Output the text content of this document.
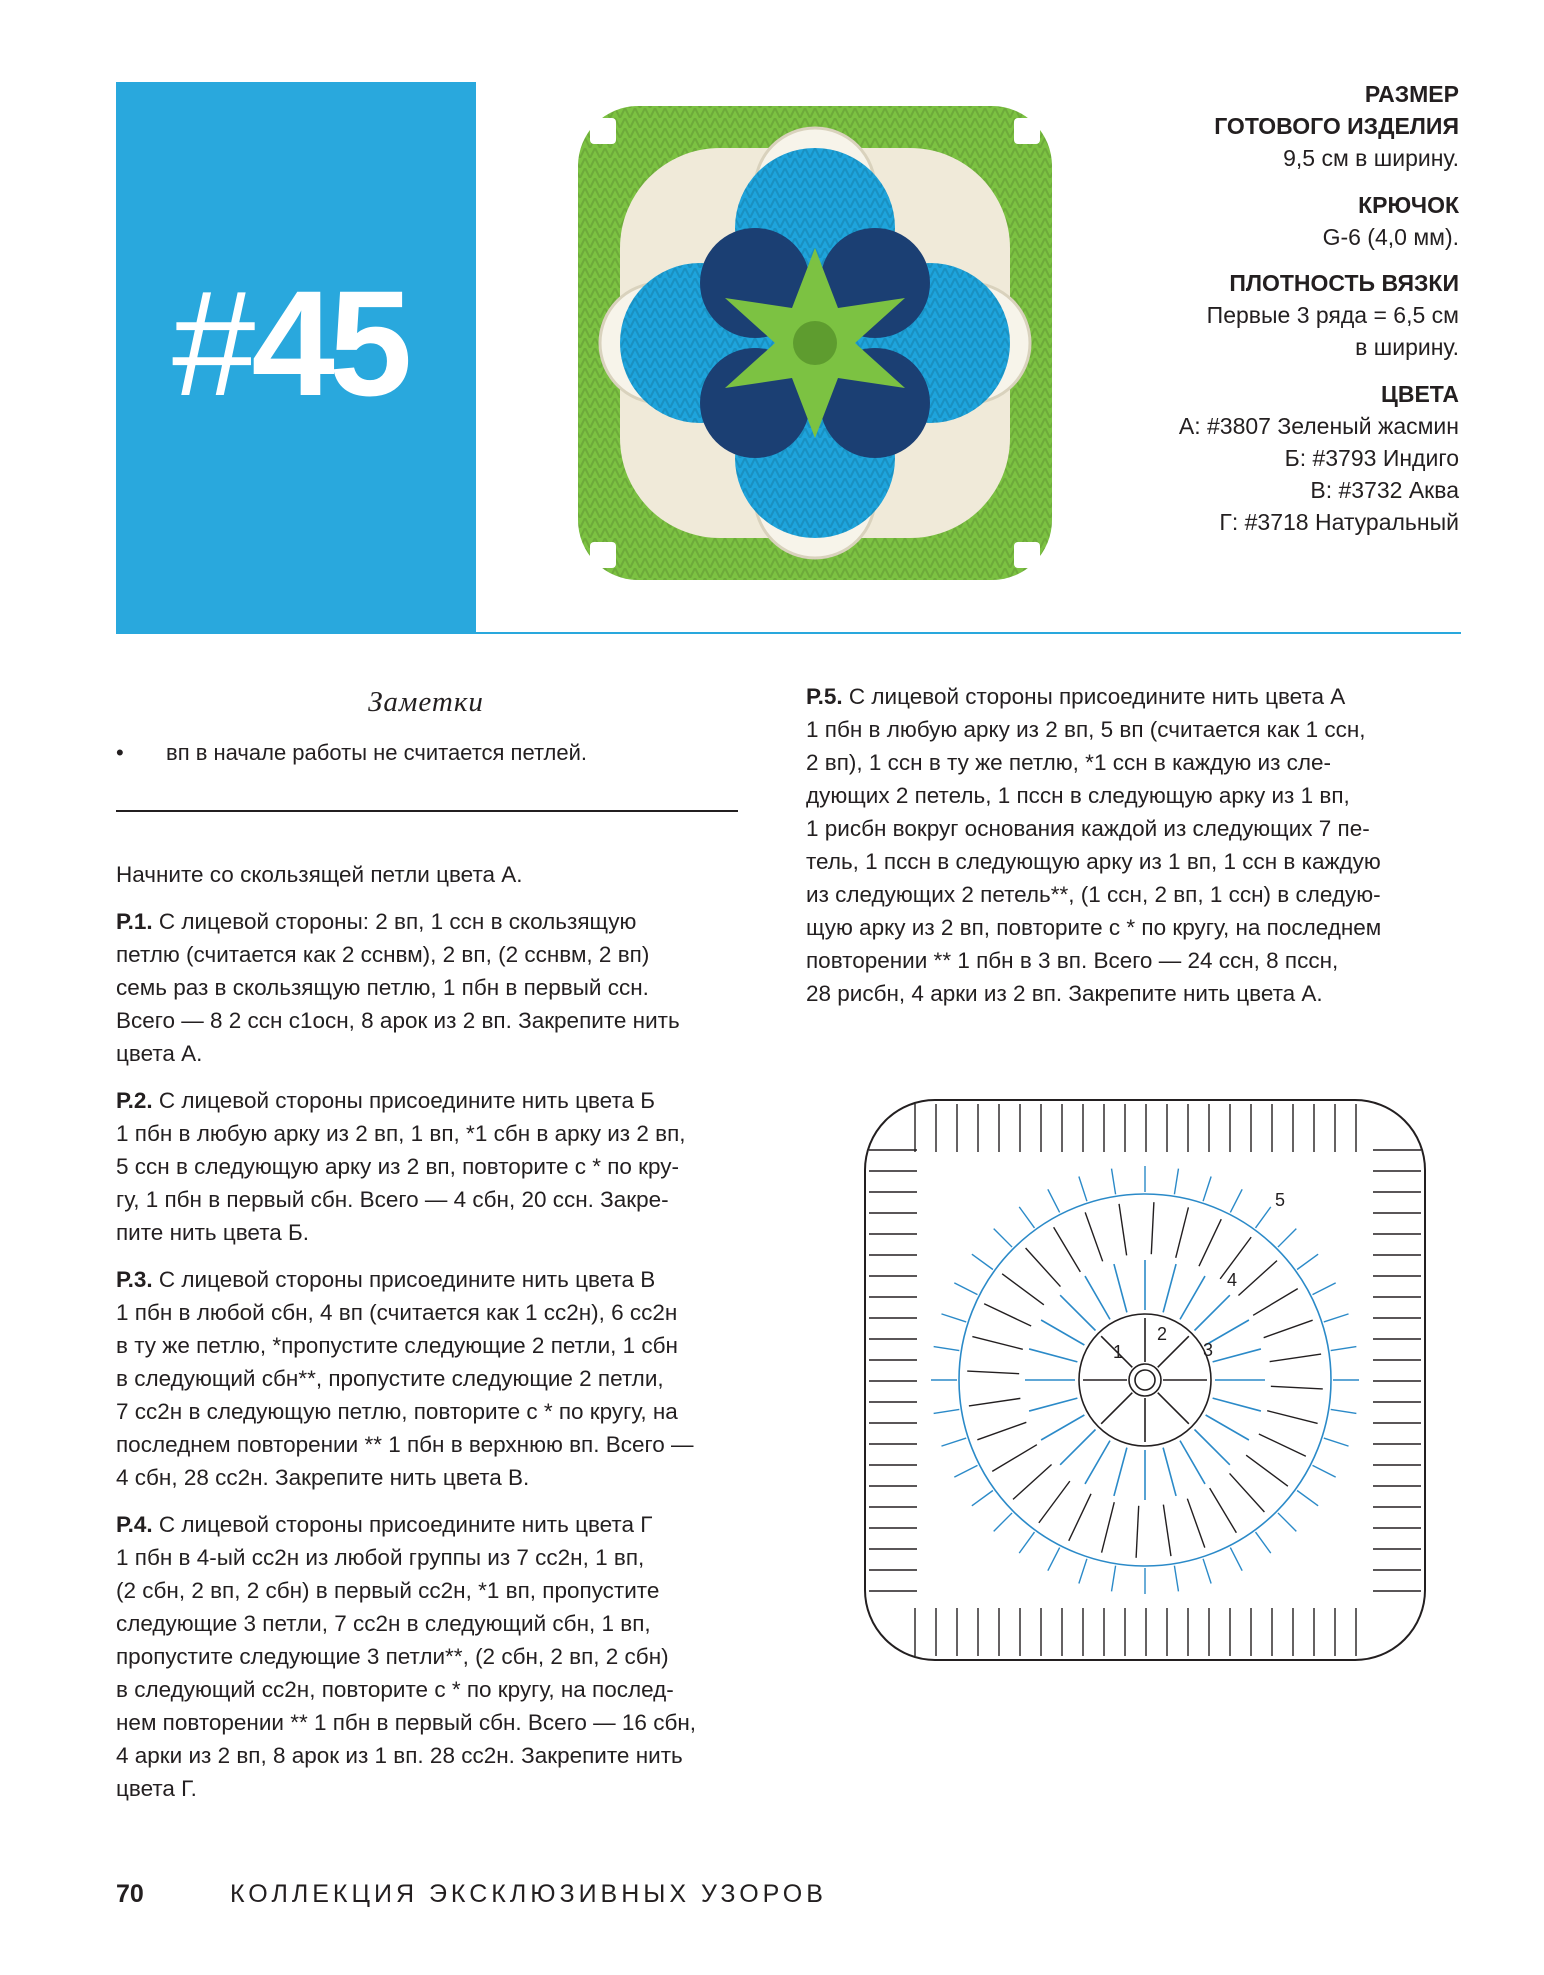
#45

РАЗМЕР
ГОТОВОГО ИЗДЕЛИЯ

9,5 см в ширину.

КРЮЧОК

G-6 (4,0 мм).

ПЛОТНОСТЬ ВЯЗКИ

Первые 3 ряда = 6,5 см
в ширину.

ЦВЕТА

А: #3807 Зеленый жасмин
Б: #3793 Индиго
В: #3732 Аква
Г: #3718 Натуральный

Заметки
• вп в начале работы не считается петлей.

Начните со скользящей петли цвета А.

Р.1. С лицевой стороны: 2 вп, 1 ссн в скользящую
петлю (считается как 2 сснвм), 2 вп, (2 сснвм, 2 вп)
семь раз в скользящую петлю, 1 пбн в первый ссн.
Всего — 8 2 ссн с1осн, 8 арок из 2 вп. Закрепите нить
цвета А.

Р.2. С лицевой стороны присоедините нить цвета Б
1 пбн в любую арку из 2 вп, 1 вп, *1 сбн в арку из 2 вп,
5 ссн в следующую арку из 2 вп, повторите с * по кру-
гу, 1 пбн в первый сбн. Всего — 4 сбн, 20 ссн. Закре-
пите нить цвета Б.

Р.3. С лицевой стороны присоедините нить цвета В
1 пбн в любой сбн, 4 вп (считается как 1 сс2н), 6 сс2н
в ту же петлю, *пропустите следующие 2 петли, 1 сбн
в следующий сбн**, пропустите следующие 2 петли,
7 сс2н в следующую петлю, повторите с * по кругу, на
последнем повторении ** 1 пбн в верхнюю вп. Всего —
4 сбн, 28 сс2н. Закрепите нить цвета В.

Р.4. С лицевой стороны присоедините нить цвета Г
1 пбн в 4-ый сс2н из любой группы из 7 сс2н, 1 вп,
(2 сбн, 2 вп, 2 сбн) в первый сс2н, *1 вп, пропустите
следующие 3 петли, 7 сс2н в следующий сбн, 1 вп,
пропустите следующие 3 петли**, (2 сбн, 2 вп, 2 сбн)
в следующий сс2н, повторите с * по кругу, на послед-
нем повторении ** 1 пбн в первый сбн. Всего — 16 сбн,
4 арки из 2 вп, 8 арок из 1 вп. 28 сс2н. Закрепите нить
цвета Г.

Р.5. С лицевой стороны присоедините нить цвета А
1 пбн в любую арку из 2 вп, 5 вп (считается как 1 ссн,
2 вп), 1 ссн в ту же петлю, *1 ссн в каждую из сле-
дующих 2 петель, 1 пссн в следующую арку из 1 вп,
1 рисбн вокруг основания каждой из следующих 7 пе-
тель, 1 пссн в следующую арку из 1 вп, 1 ссн в каждую
из следующих 2 петель**, (1 ссн, 2 вп, 1 ссн) в следую-
щую арку из 2 вп, повторите с * по кругу, на последнем
повторении ** 1 пбн в 3 вп. Всего — 24 ссн, 8 пссн,
28 рисбн, 4 арки из 2 вп. Закрепите нить цвета А.

1
2
3
4
5
70	КОЛЛЕКЦИЯ ЭКСКЛЮЗИВНЫХ УЗОРОВ
